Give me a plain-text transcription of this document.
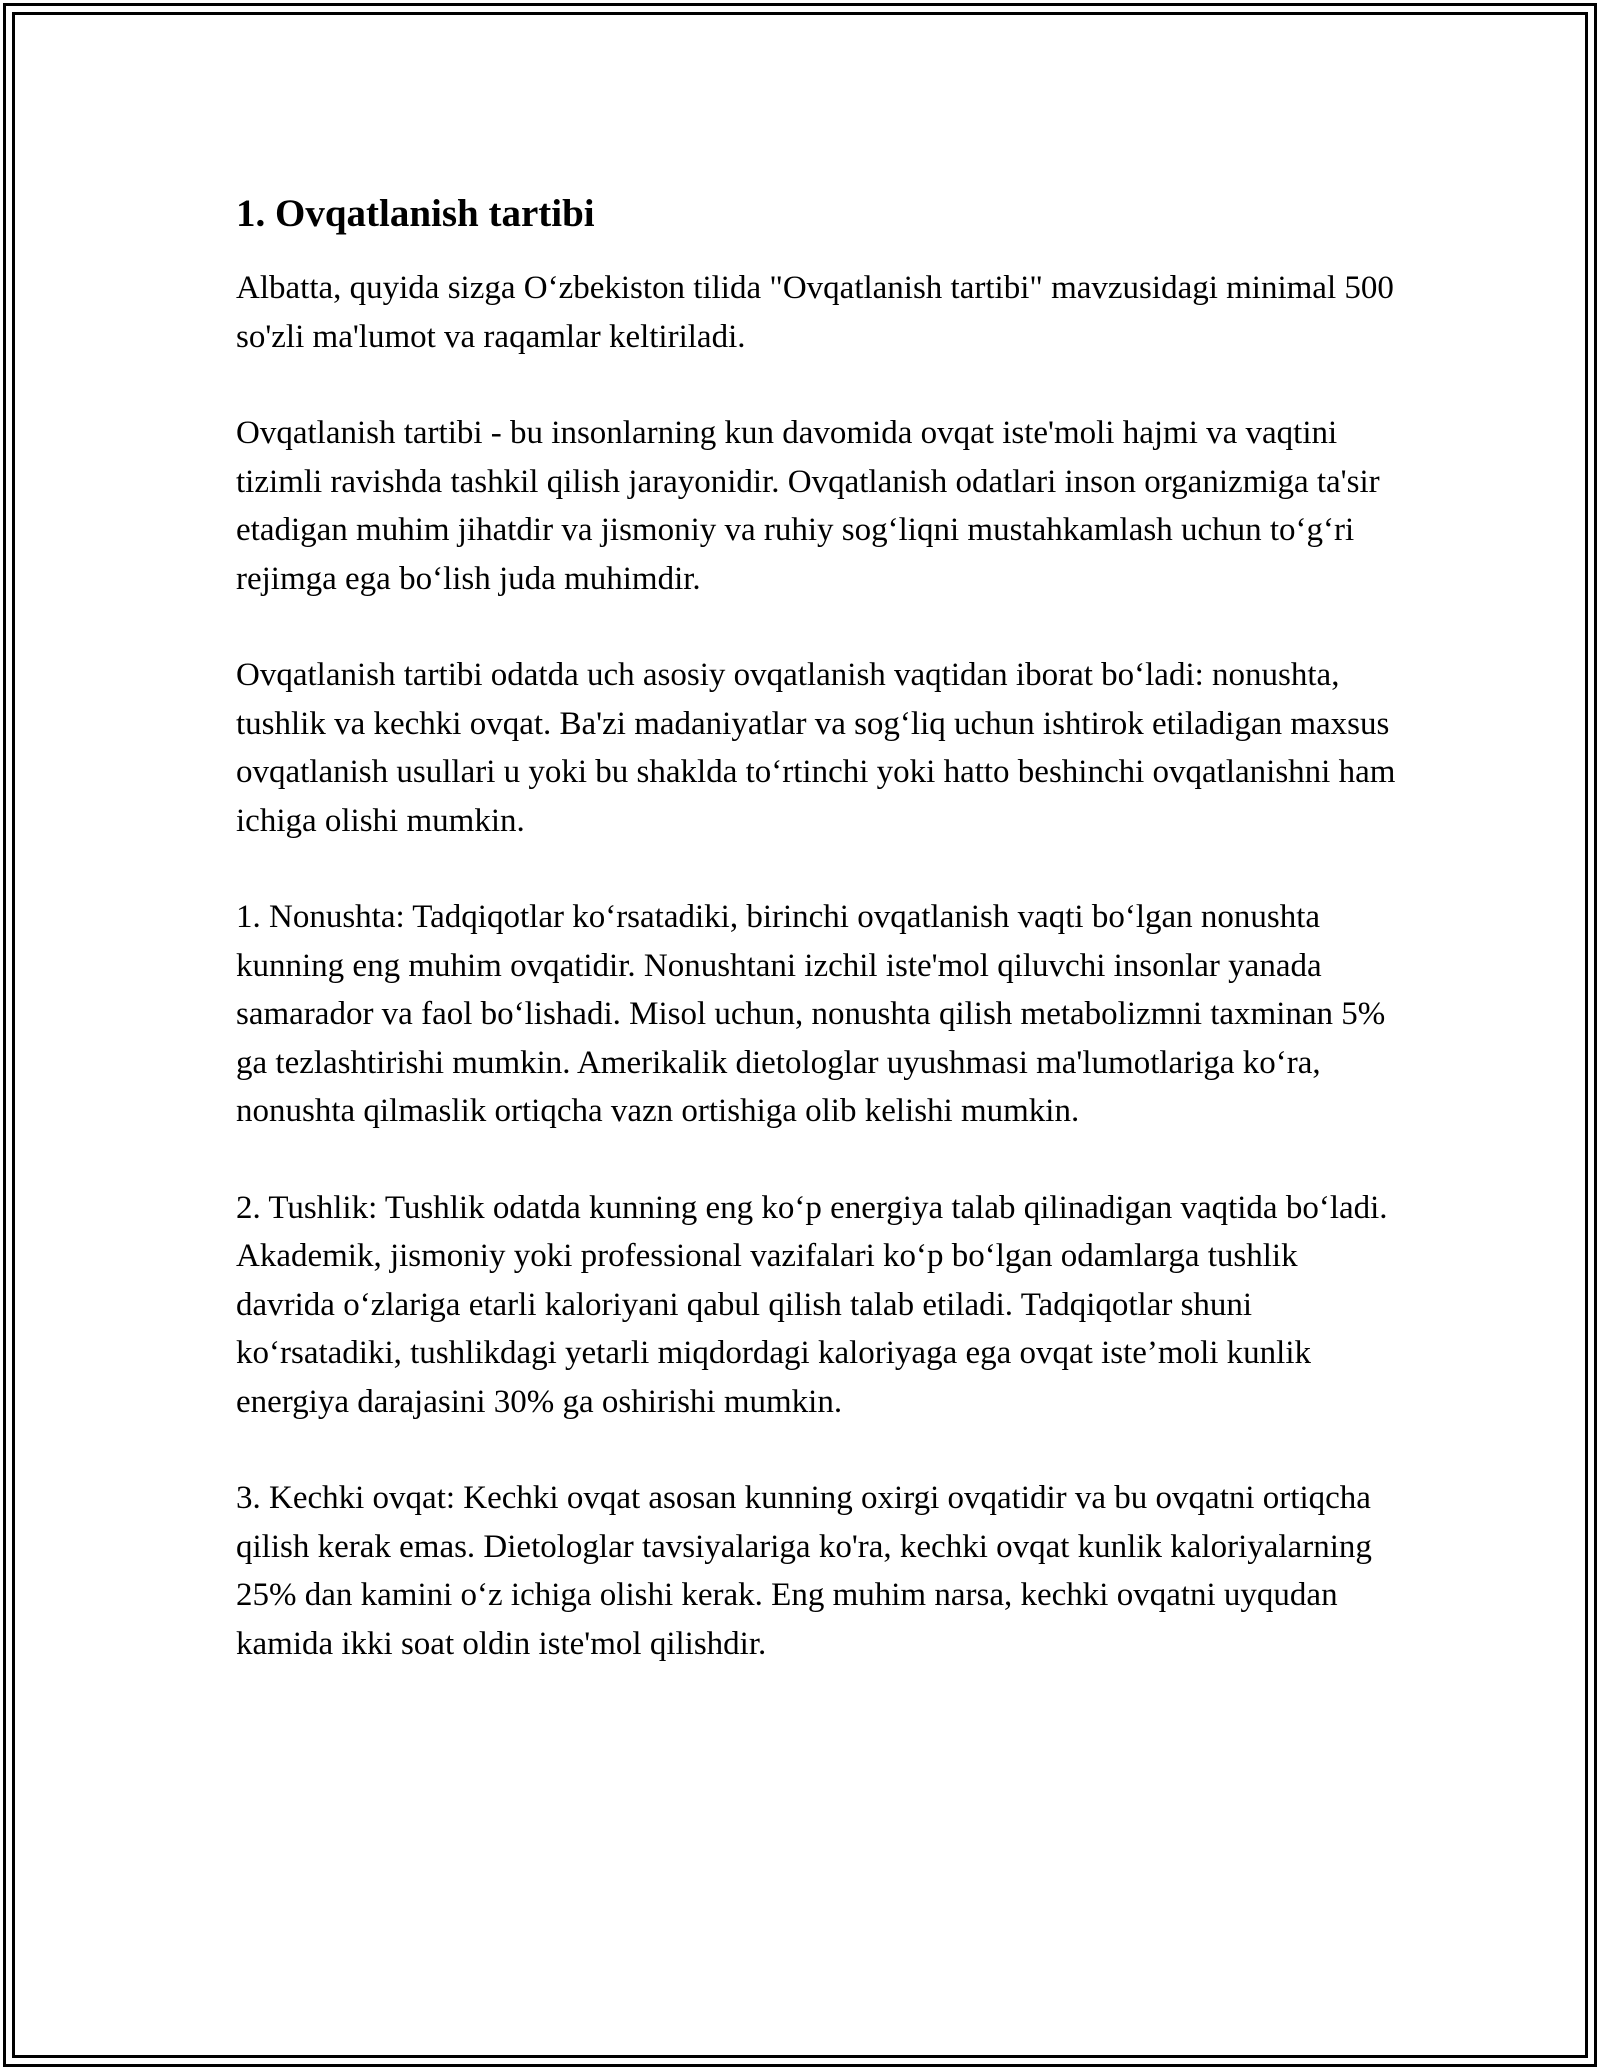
1. Ovqatlanish tartibi

Albatta, quyida sizga O‘zbekiston tilida "Ovqatlanish tartibi" mavzusidagi minimal 500 so'zli ma'lumot va raqamlar keltiriladi.

Ovqatlanish tartibi - bu insonlarning kun davomida ovqat iste'moli hajmi va vaqtini tizimli ravishda tashkil qilish jarayonidir. Ovqatlanish odatlari inson organizmiga ta'sir etadigan muhim jihatdir va jismoniy va ruhiy sog‘liqni mustahkamlash uchun to‘g‘ri rejimga ega bo‘lish juda muhimdir.

Ovqatlanish tartibi odatda uch asosiy ovqatlanish vaqtidan iborat bo‘ladi: nonushta, tushlik va kechki ovqat. Ba'zi madaniyatlar va sog‘liq uchun ishtirok etiladigan maxsus ovqatlanish usullari u yoki bu shaklda to‘rtinchi yoki hatto beshinchi ovqatlanishni ham ichiga olishi mumkin.

1. Nonushta: Tadqiqotlar ko‘rsatadiki, birinchi ovqatlanish vaqti bo‘lgan nonushta kunning eng muhim ovqatidir. Nonushtani izchil iste'mol qiluvchi insonlar yanada samarador va faol bo‘lishadi. Misol uchun, nonushta qilish metabolizmni taxminan 5% ga tezlashtirishi mumkin. Amerikalik dietologlar uyushmasi ma'lumotlariga ko‘ra, nonushta qilmaslik ortiqcha vazn ortishiga olib kelishi mumkin.

2. Tushlik: Tushlik odatda kunning eng ko‘p energiya talab qilinadigan vaqtida bo‘ladi. Akademik, jismoniy yoki professional vazifalari ko‘p bo‘lgan odamlarga tushlik davrida o‘zlariga etarli kaloriyani qabul qilish talab etiladi. Tadqiqotlar shuni ko‘rsatadiki, tushlikdagi yetarli miqdordagi kaloriyaga ega ovqat iste’moli kunlik energiya darajasini 30% ga oshirishi mumkin.

3. Kechki ovqat: Kechki ovqat asosan kunning oxirgi ovqatidir va bu ovqatni ortiqcha qilish kerak emas. Dietologlar tavsiyalariga ko'ra, kechki ovqat kunlik kaloriyalarning 25% dan kamini o‘z ichiga olishi kerak. Eng muhim narsa, kechki ovqatni uyqudan kamida ikki soat oldin iste'mol qilishdir.
